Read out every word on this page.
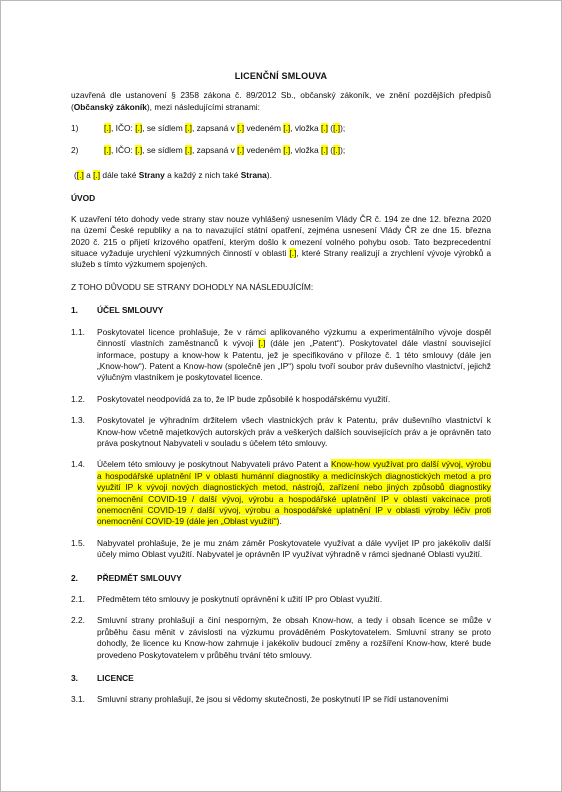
LICENČNÍ SMLOUVA

uzavřená dle ustanovení § 2358 zákona č. 89/2012 Sb., občanský zákoník, ve znění pozdějších předpisů (Občanský zákoník), mezi následujícími stranami:

1)	[.], IČO: [.], se sídlem [.], zapsaná v [.] vedeném [.], vložka [.] ([.]);
2)	[.], IČO: [.], se sídlem [.], zapsaná v [.] vedeném [.], vložka [.] ([.]);

([.] a [.] dále také Strany a každý z nich také Strana).

ÚVOD

K uzavření této dohody vede strany stav nouze vyhlášený usnesením Vlády ČR č. 194 ze dne 12. března 2020 na území České republiky a na to navazující státní opatření, zejména usnesení Vlády ČR ze dne 15. března 2020 č. 215 o přijetí krizového opatření, kterým došlo k omezení volného pohybu osob. Tato bezprecedentní situace vyžaduje urychlení výzkumných činností v oblasti [.], které Strany realizují a zrychlení vývoje výrobků a služeb s tímto výzkumem spojených.

Z TOHO DŮVODU SE STRANY DOHODLY NA NÁSLEDUJÍCÍM:

1.	ÚČEL SMLOUVY
1.1.	Poskytovatel licence prohlašuje, že v rámci aplikovaného výzkumu a experimentálního vývoje dospěl činností vlastních zaměstnanců k vývoji [.] (dále jen „Patent“). Poskytovatel dále vlastní související informace, postupy a know-how k Patentu, jež je specifikováno v příloze č. 1 této smlouvy (dále jen „Know-how“). Patent a Know-how (společně jen „IP“) spolu tvoří soubor práv duševního vlastnictví, jejichž výlučným vlastníkem je poskytovatel licence.
1.2.	Poskytovatel neodpovídá za to, že IP bude způsobilé k hospodářskému využití.
1.3.	Poskytovatel je výhradním držitelem všech vlastnických práv k Patentu, práv duševního vlastnictví k Know-how včetně majetkových autorských práv a veškerých dalších souvisejících práv a je oprávněn tato práva poskytnout Nabyvateli v souladu s účelem této smlouvy.
1.4.	Účelem této smlouvy je poskytnout Nabyvateli právo Patent a Know-how využívat pro další vývoj, výrobu a hospodářské uplatnění IP v oblasti humánní diagnostiky a medicínských diagnostických metod a pro využití IP k vývoji nových diagnostických metod, nástrojů, zařízení nebo jiných způsobů diagnostiky onemocnění COVID-19 / další vývoj, výrobu a hospodářské uplatnění IP v oblasti vakcinace proti onemocnění COVID-19 / další vývoj, výrobu a hospodářské uplatnění IP v oblasti výroby léčiv proti onemocnění COVID-19 (dále jen „Oblast využití“).
1.5.	Nabyvatel prohlašuje, že je mu znám záměr Poskytovatele využívat a dále vyvíjet IP pro jakékoliv další účely mimo Oblast využití. Nabyvatel je oprávněn IP využívat výhradně v rámci sjednané Oblasti využití.
2.	PŘEDMĚT SMLOUVY
2.1.	Předmětem této smlouvy je poskytnutí oprávnění k užití IP pro Oblast využití.
2.2.	Smluvní strany prohlašují a činí nesporným, že obsah Know-how, a tedy i obsah licence se může v průběhu času měnit v závislosti na výzkumu prováděném Poskytovatelem. Smluvní strany se proto dohodly, že licence ku Know-how zahrnuje i jakékoliv budoucí změny a rozšíření Know-how, které bude provedeno Poskytovatelem v průběhu trvání této smlouvy.
3.	LICENCE
3.1.	Smluvní strany prohlašují, že jsou si vědomy skutečnosti, že poskytnutí IP se řídí ustanoveními
